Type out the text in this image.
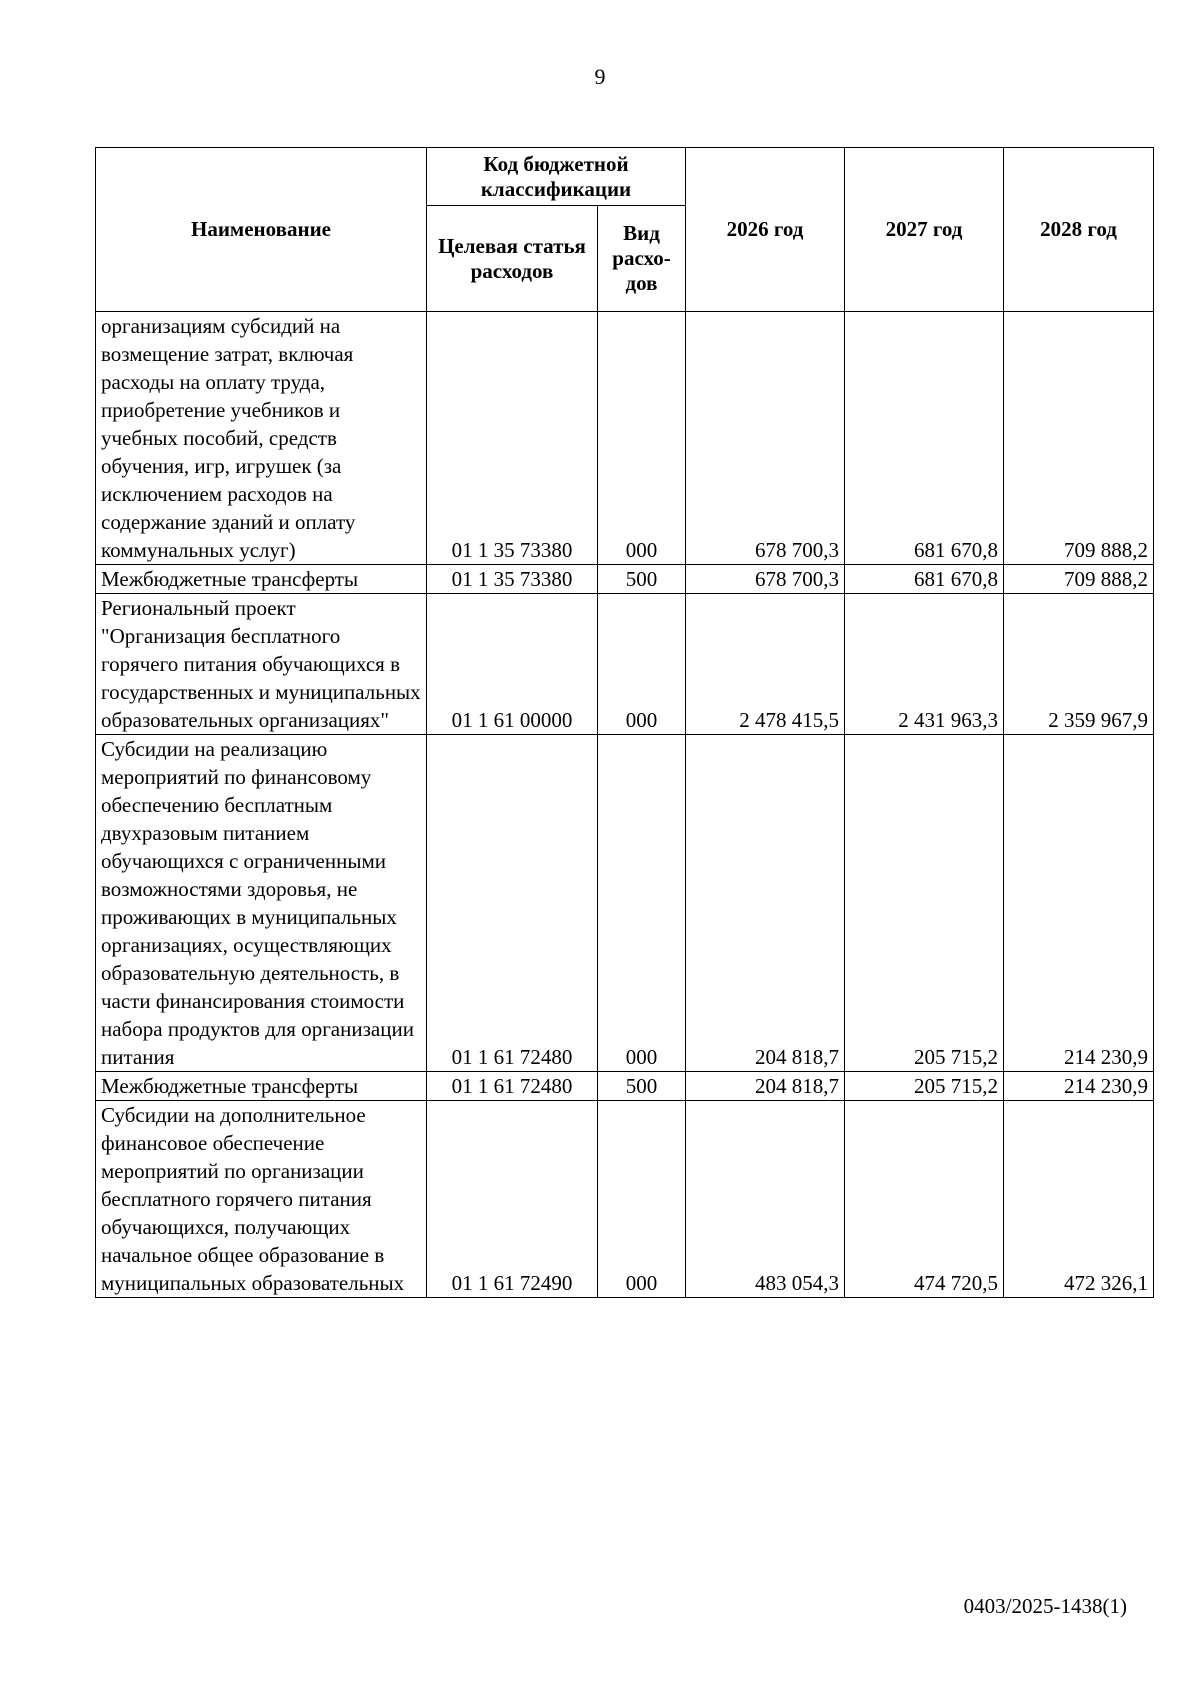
9
Наименование	Код бюджетной классификации		2026 год	2027 год	2028 год
	Целевая статья расходов	Вид расхо-дов			
организациям субсидий на возмещение затрат, включая расходы на оплату труда, приобретение учебников и учебных пособий, средств обучения, игр, игрушек (за исключением расходов на содержание зданий и оплату коммунальных услуг)	01 1 35 73380	000	678 700,3	681 670,8	709 888,2
Межбюджетные трансферты	01 1 35 73380	500	678 700,3	681 670,8	709 888,2
Региональный проект "Организация бесплатного горячего питания обучающихся в государственных и муниципальных образовательных организациях"	01 1 61 00000	000	2 478 415,5	2 431 963,3	2 359 967,9
Субсидии на реализацию мероприятий по финансовому обеспечению бесплатным двухразовым питанием обучающихся с ограниченными возможностями здоровья, не проживающих в муниципальных организациях, осуществляющих образовательную деятельность, в части финансирования стоимости набора продуктов для организации питания	01 1 61 72480	000	204 818,7	205 715,2	214 230,9
Межбюджетные трансферты	01 1 61 72480	500	204 818,7	205 715,2	214 230,9
Субсидии на дополнительное финансовое обеспечение мероприятий по организации бесплатного горячего питания обучающихся, получающих начальное общее образование в муниципальных образовательных	01 1 61 72490	000	483 054,3	474 720,5	472 326,1
0403/2025-1438(1)
